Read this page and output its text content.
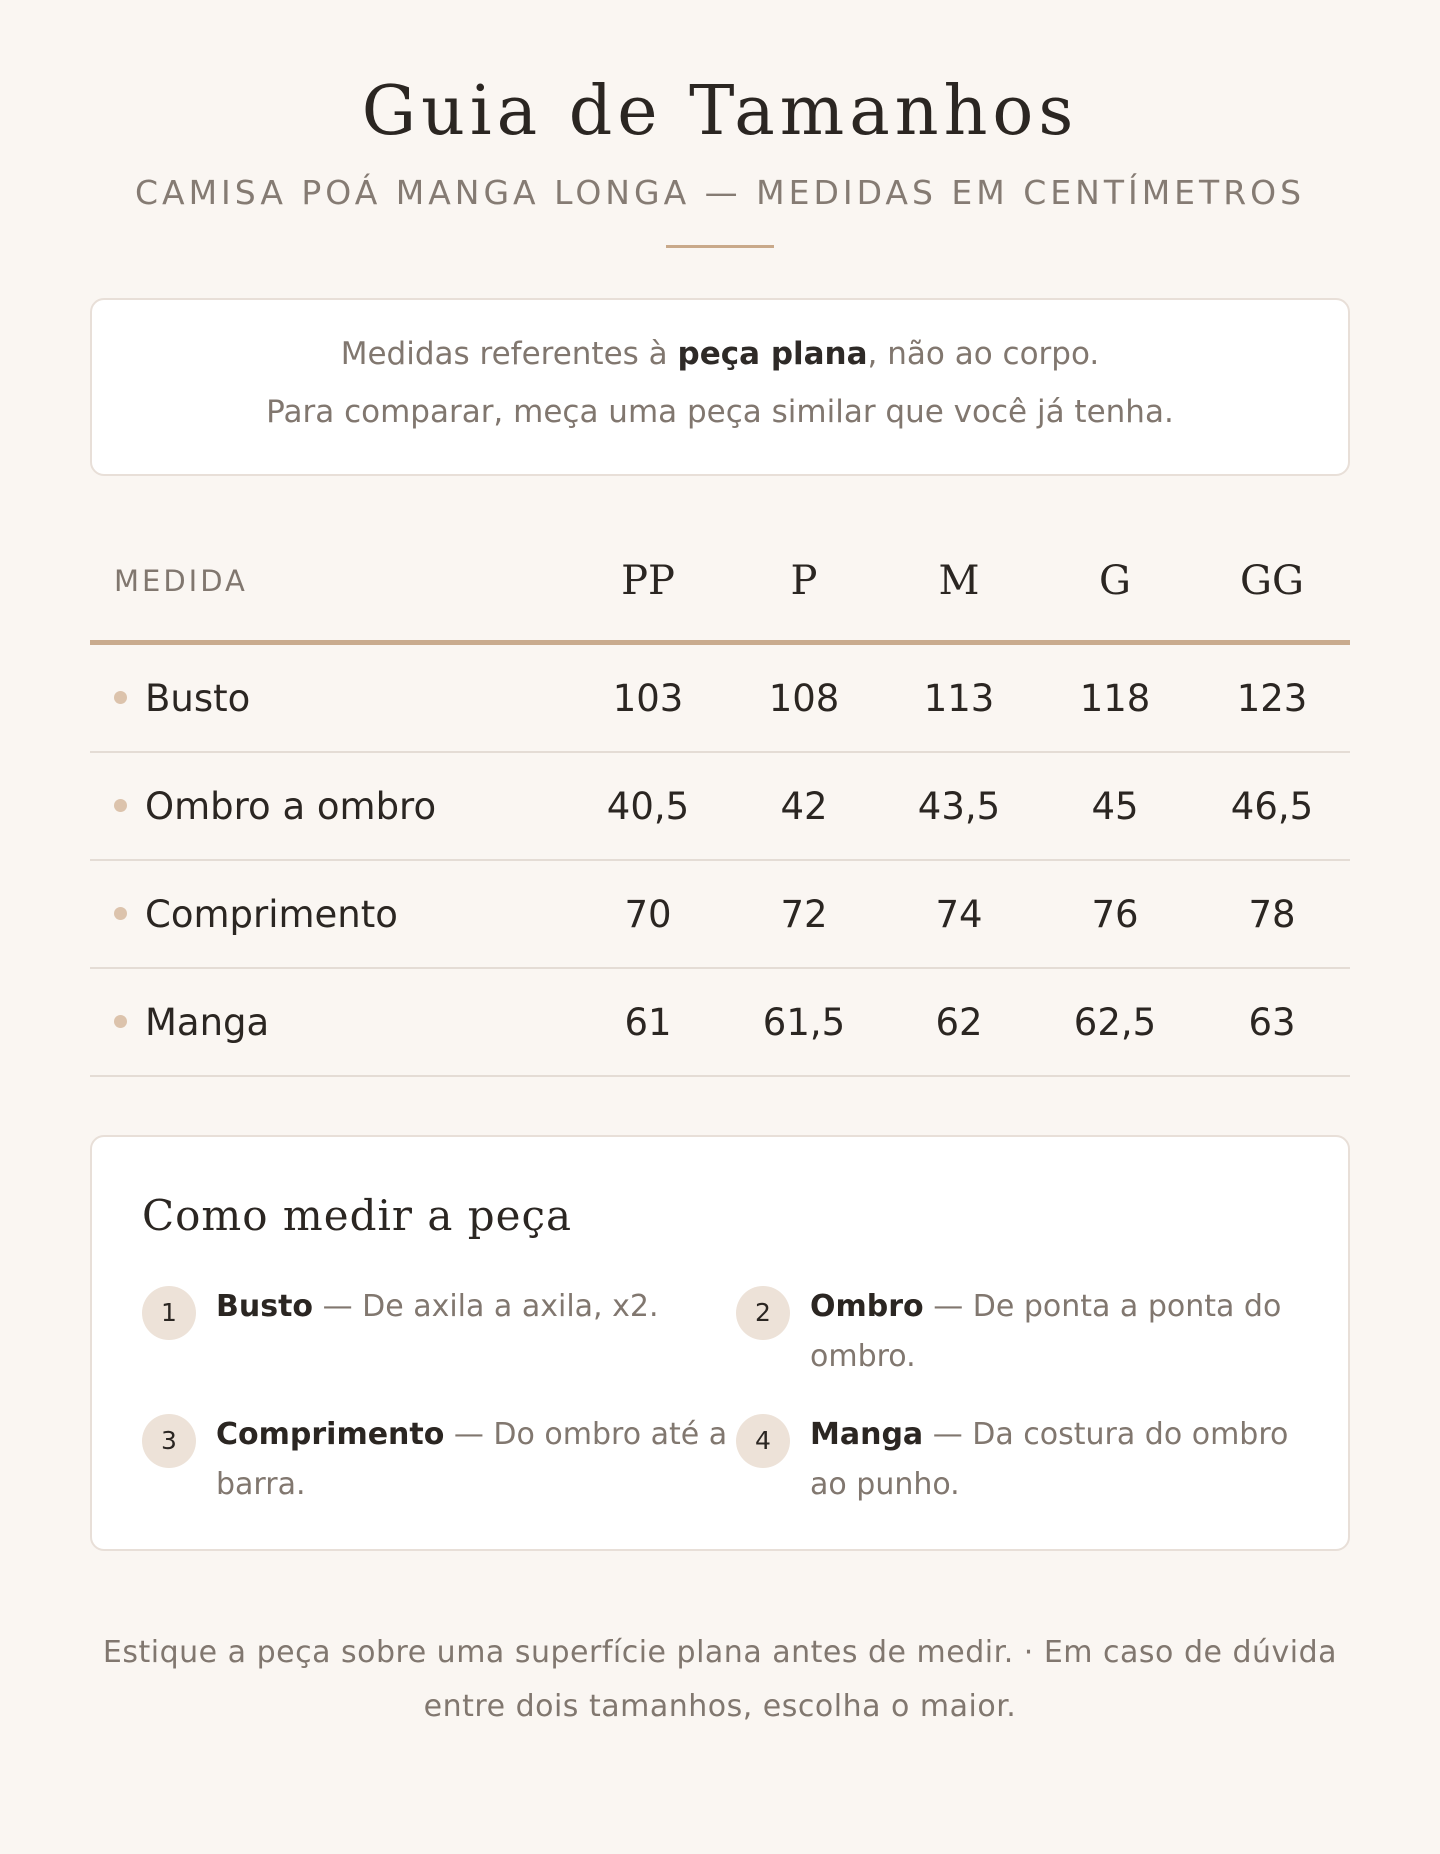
Guia de Tamanhos
CAMISA POÁ MANGA LONGA — MEDIDAS EM CENTÍMETROS
Medidas referentes à peça plana, não ao corpo.
Para comparar, meça uma peça similar que você já tenha.
MEDIDA	PP	P	M	G	GG
Busto	103	108	113	118	123
Ombro a ombro	40,5	42	43,5	45	46,5
Comprimento	70	72	74	76	78
Manga	61	61,5	62	62,5	63
Como medir a peça
1	Busto — De axila a axila, x2.	2	Ombro — De ponta a ponta do ombro.
3	Comprimento — Do ombro até a barra.
4	Manga — Da costura do ombro ao punho.
Estique a peça sobre uma superfície plana antes de medir. · Em caso de dúvida
entre dois tamanhos, escolha o maior.
